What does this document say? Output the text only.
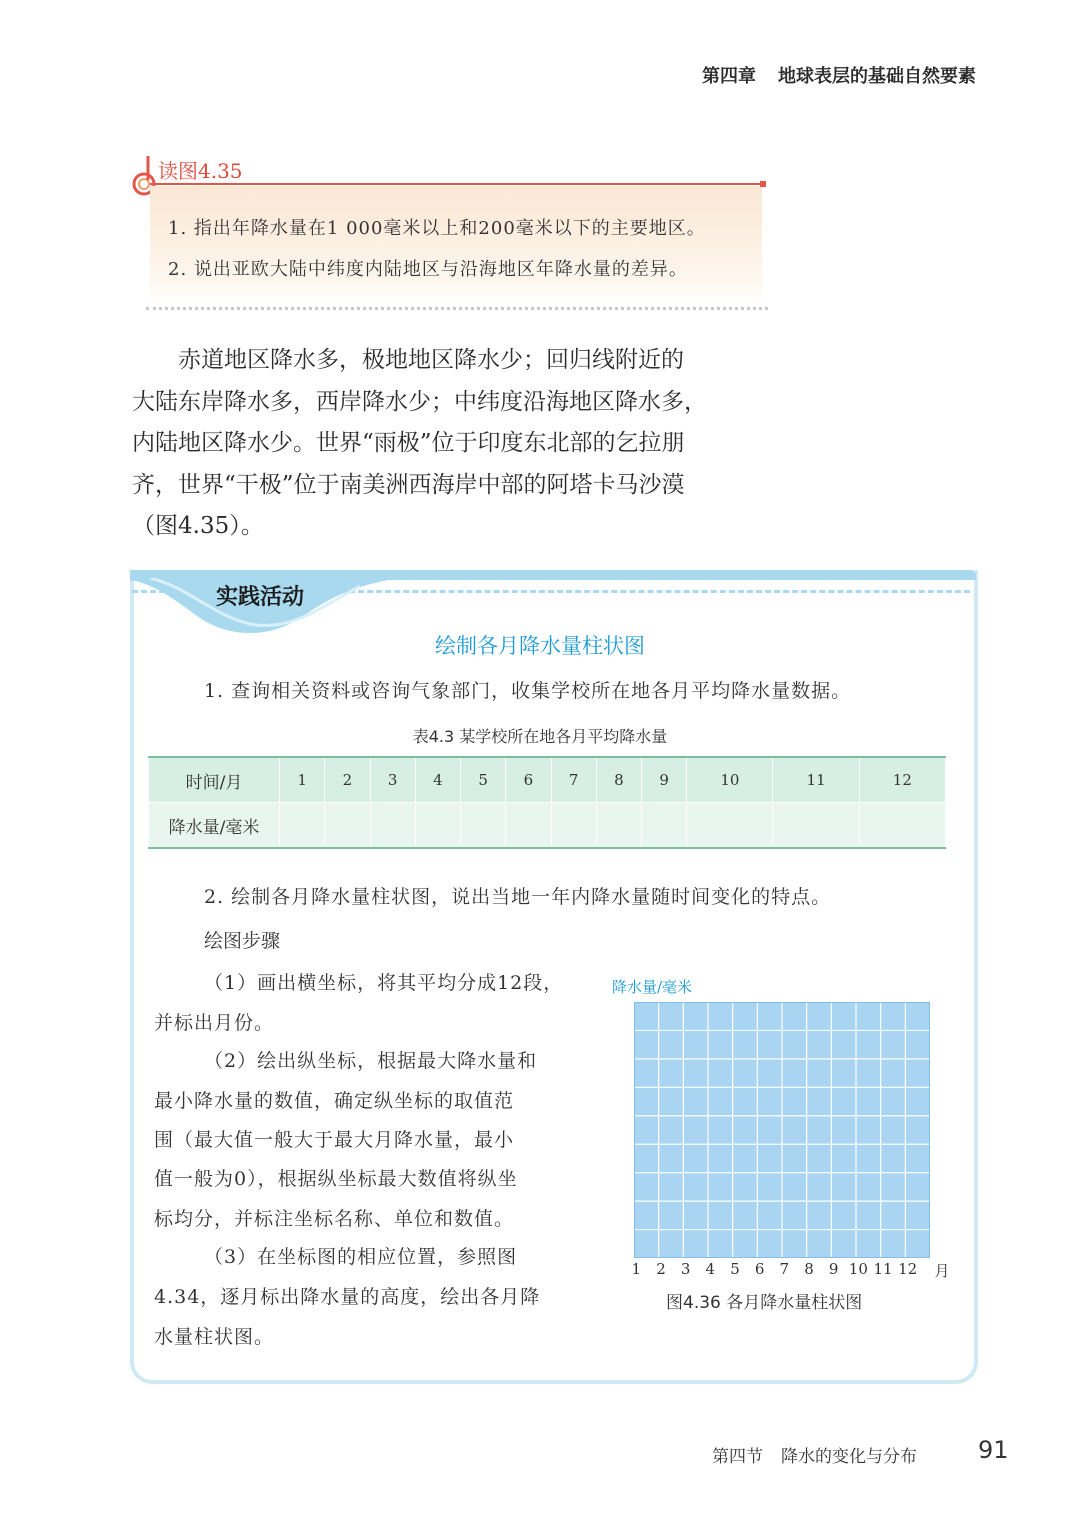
第四章 地球表层的基础自然要素
读图4.35
1. 指出年降水量在1 000毫米以上和200毫米以下的主要地区。
2. 说出亚欧大陆中纬度内陆地区与沿海地区年降水量的差异。
赤道地区降水多，极地地区降水少；回归线附近的
大陆东岸降水多，西岸降水少；中纬度沿海地区降水多，
内陆地区降水少。世界“雨极”位于印度东北部的乞拉朋
齐，世界“干极”位于南美洲西海岸中部的阿塔卡马沙漠
（图4.35）。
实践活动
绘制各月降水量柱状图
1. 查询相关资料或咨询气象部门，收集学校所在地各月平均降水量数据。
表4.3 某学校所在地各月平均降水量
时间/月	1	2	3	4	5	6	7	8	9	10	11	12
降水量/毫米												
2. 绘制各月降水量柱状图，说出当地一年内降水量随时间变化的特点。
绘图步骤
（1）画出横坐标，将其平均分成12段，
并标出月份。
（2）绘出纵坐标，根据最大降水量和
最小降水量的数值，确定纵坐标的取值范
围（最大值一般大于最大月降水量，最小
值一般为0），根据纵坐标最大数值将纵坐
标均分，并标注坐标名称、单位和数值。
（3）在坐标图的相应位置，参照图
4.34，逐月标出降水量的高度，绘出各月降
水量柱状图。
降水量/毫米
1 2 3 4 5 6 7 8 9 10 11 12 月
图4.36 各月降水量柱状图
第四节 降水的变化与分布	91
